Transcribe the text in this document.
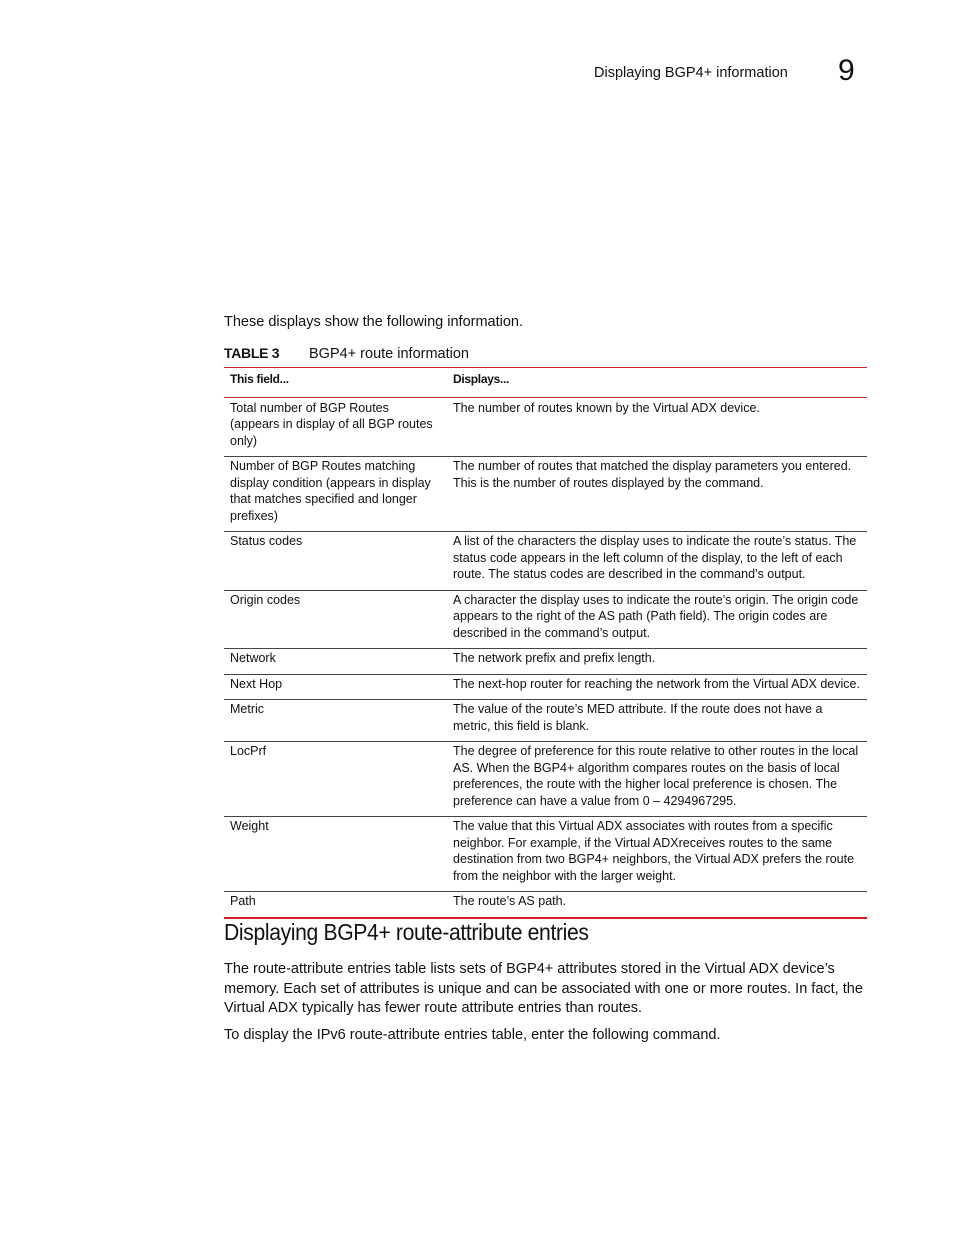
Displaying BGP4+ information 9
These displays show the following information.
TABLE 3 BGP4+ route information
This field...	Displays...
Total number of BGP Routes (appears in display of all BGP routes only)	The number of routes known by the Virtual ADX device.
Number of BGP Routes matching display condition (appears in display that matches specified and longer prefixes)	The number of routes that matched the display parameters you entered. This is the number of routes displayed by the command.
Status codes	A list of the characters the display uses to indicate the route’s status. The status code appears in the left column of the display, to the left of each route. The status codes are described in the command’s output.
Origin codes	A character the display uses to indicate the route’s origin. The origin code appears to the right of the AS path (Path field). The origin codes are described in the command’s output.
Network	The network prefix and prefix length.
Next Hop	The next-hop router for reaching the network from the Virtual ADX device.
Metric	The value of the route’s MED attribute. If the route does not have a metric, this field is blank.
LocPrf	The degree of preference for this route relative to other routes in the local AS. When the BGP4+ algorithm compares routes on the basis of local preferences, the route with the higher local preference is chosen. The preference can have a value from 0 – 4294967295.
Weight	The value that this Virtual ADX associates with routes from a specific neighbor. For example, if the Virtual ADXreceives routes to the same destination from two BGP4+ neighbors, the Virtual ADX prefers the route from the neighbor with the larger weight.
Path	The route’s AS path.
Displaying BGP4+ route-attribute entries

The route-attribute entries table lists sets of BGP4+ attributes stored in the Virtual ADX device’s memory. Each set of attributes is unique and can be associated with one or more routes. In fact, the Virtual ADX typically has fewer route attribute entries than routes.

To display the IPv6 route-attribute entries table, enter the following command.
